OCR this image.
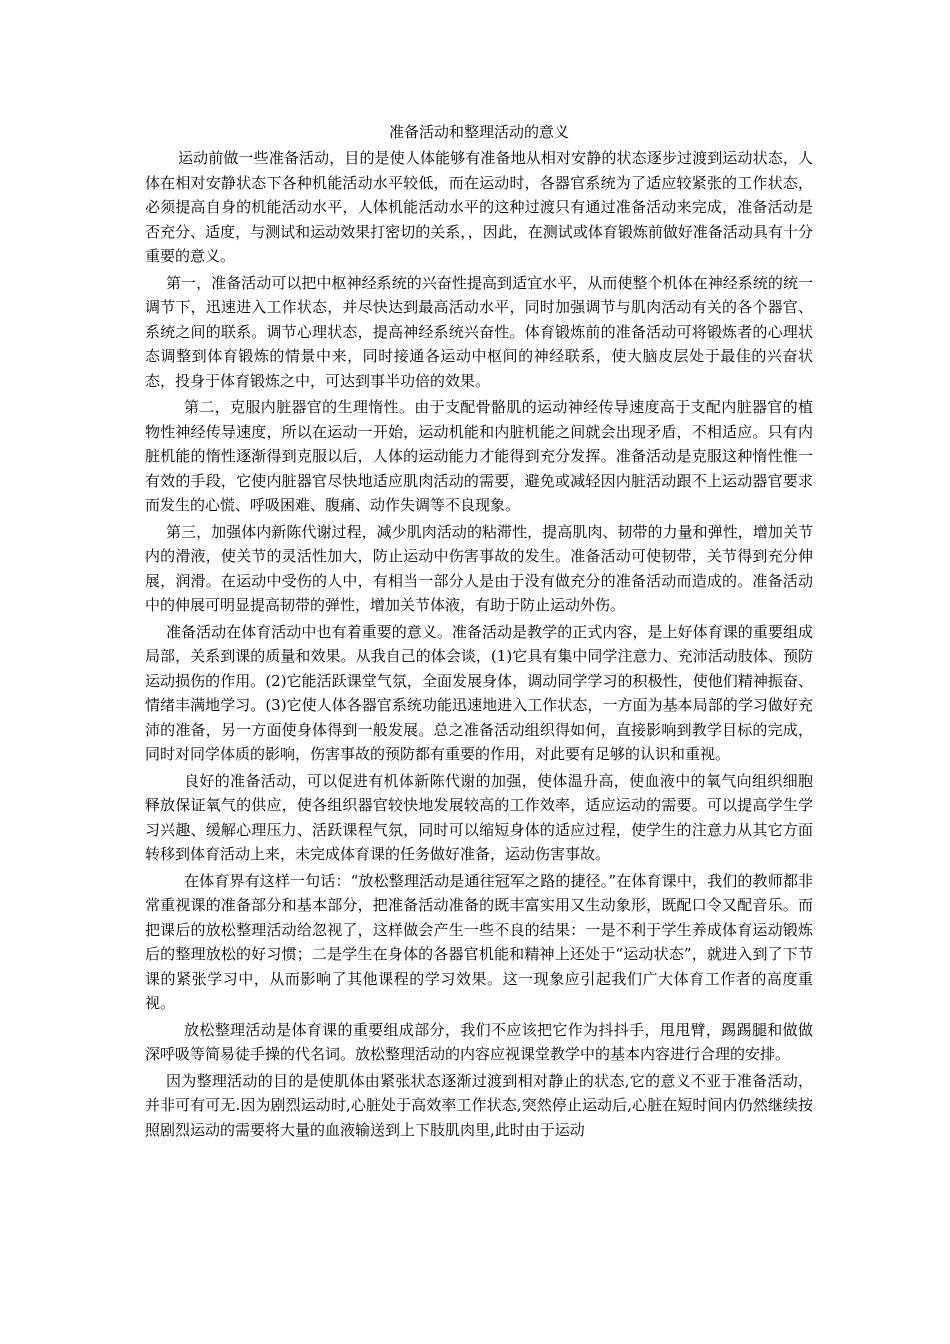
准备活动和整理活动的意义

运动前做一些准备活动，目的是使人体能够有准备地从相对安静的状态逐步过渡到运动状态，人体在相对安静状态下各种机能活动水平较低，而在运动时，各器官系统为了适应较紧张的工作状态，必须提高自身的机能活动水平，人体机能活动水平的这种过渡只有通过准备活动来完成，准备活动是否充分、适度，与测试和运动效果打密切的关系，，因此，在测试或体育锻炼前做好准备活动具有十分重要的意义。

第一，准备活动可以把中枢神经系统的兴奋性提高到适宜水平，从而使整个机体在神经系统的统一调节下，迅速进入工作状态，并尽快达到最高活动水平，同时加强调节与肌肉活动有关的各个器官、系统之间的联系。调节心理状态，提高神经系统兴奋性。体育锻炼前的准备活动可将锻炼者的心理状态调整到体育锻炼的情景中来，同时接通各运动中枢间的神经联系，使大脑皮层处于最佳的兴奋状态，投身于体育锻炼之中，可达到事半功倍的效果。

第二，克服内脏器官的生理惰性。由于支配骨骼肌的运动神经传导速度高于支配内脏器官的植物性神经传导速度，所以在运动一开始，运动机能和内脏机能之间就会出现矛盾，不相适应。只有内脏机能的惰性逐渐得到克服以后，人体的运动能力才能得到充分发挥。准备活动是克服这种惰性惟一有效的手段，它使内脏器官尽快地适应肌肉活动的需要，避免或减轻因内脏活动跟不上运动器官要求而发生的心慌、呼吸困难、腹痛、动作失调等不良现象。

第三，加强体内新陈代谢过程，减少肌肉活动的粘滞性，提高肌肉、韧带的力量和弹性，增加关节内的滑液，使关节的灵活性加大，防止运动中伤害事故的发生。准备活动可使韧带，关节得到充分伸展，润滑。在运动中受伤的人中，有相当一部分人是由于没有做充分的准备活动而造成的。准备活动中的伸展可明显提高韧带的弹性，增加关节体液，有助于防止运动外伤。

准备活动在体育活动中也有着重要的意义。准备活动是教学的正式内容，是上好体育课的重要组成局部，关系到课的质量和效果。从我自己的体会谈，(1)它具有集中同学注意力、充沛活动肢体、预防运动损伤的作用。(2)它能活跃课堂气氛，全面发展身体，调动同学学习的积极性，使他们精神振奋、情绪丰满地学习。(3)它使人体各器官系统功能迅速地进入工作状态，一方面为基本局部的学习做好充沛的准备，另一方面使身体得到一般发展。总之准备活动组织得如何，直接影响到教学目标的完成，同时对同学体质的影响，伤害事故的预防都有重要的作用，对此要有足够的认识和重视。

良好的准备活动，可以促进有机体新陈代谢的加强，使体温升高，使血液中的氧气向组织细胞释放保证氧气的供应，使各组织器官较快地发展较高的工作效率，适应运动的需要。可以提高学生学习兴趣、缓解心理压力、活跃课程气氛，同时可以缩短身体的适应过程，使学生的注意力从其它方面转移到体育活动上来，未完成体育课的任务做好准备，运动伤害事故。

在体育界有这样一句话：“放松整理活动是通往冠军之路的捷径。”在体育课中，我们的教师都非常重视课的准备部分和基本部分，把准备活动准备的既丰富实用又生动象形，既配口令又配音乐。而把课后的放松整理活动给忽视了，这样做会产生一些不良的结果：一是不利于学生养成体育运动锻炼后的整理放松的好习惯；二是学生在身体的各器官机能和精神上还处于“运动状态”，就进入到了下节课的紧张学习中，从而影响了其他课程的学习效果。这一现象应引起我们广大体育工作者的高度重视。

放松整理活动是体育课的重要组成部分，我们不应该把它作为抖抖手，甩甩臂，踢踢腿和做做深呼吸等简易徒手操的代名词。放松整理活动的内容应视课堂教学中的基本内容进行合理的安排。

因为整理活动的目的是使肌体由紧张状态逐渐过渡到相对静止的状态,它的意义不亚于准备活动，并非可有可无.因为剧烈运动时,心脏处于高效率工作状态,突然停止运动后,心脏在短时间内仍然继续按照剧烈运动的需要将大量的血液输送到上下肢肌肉里,此时由于运动
